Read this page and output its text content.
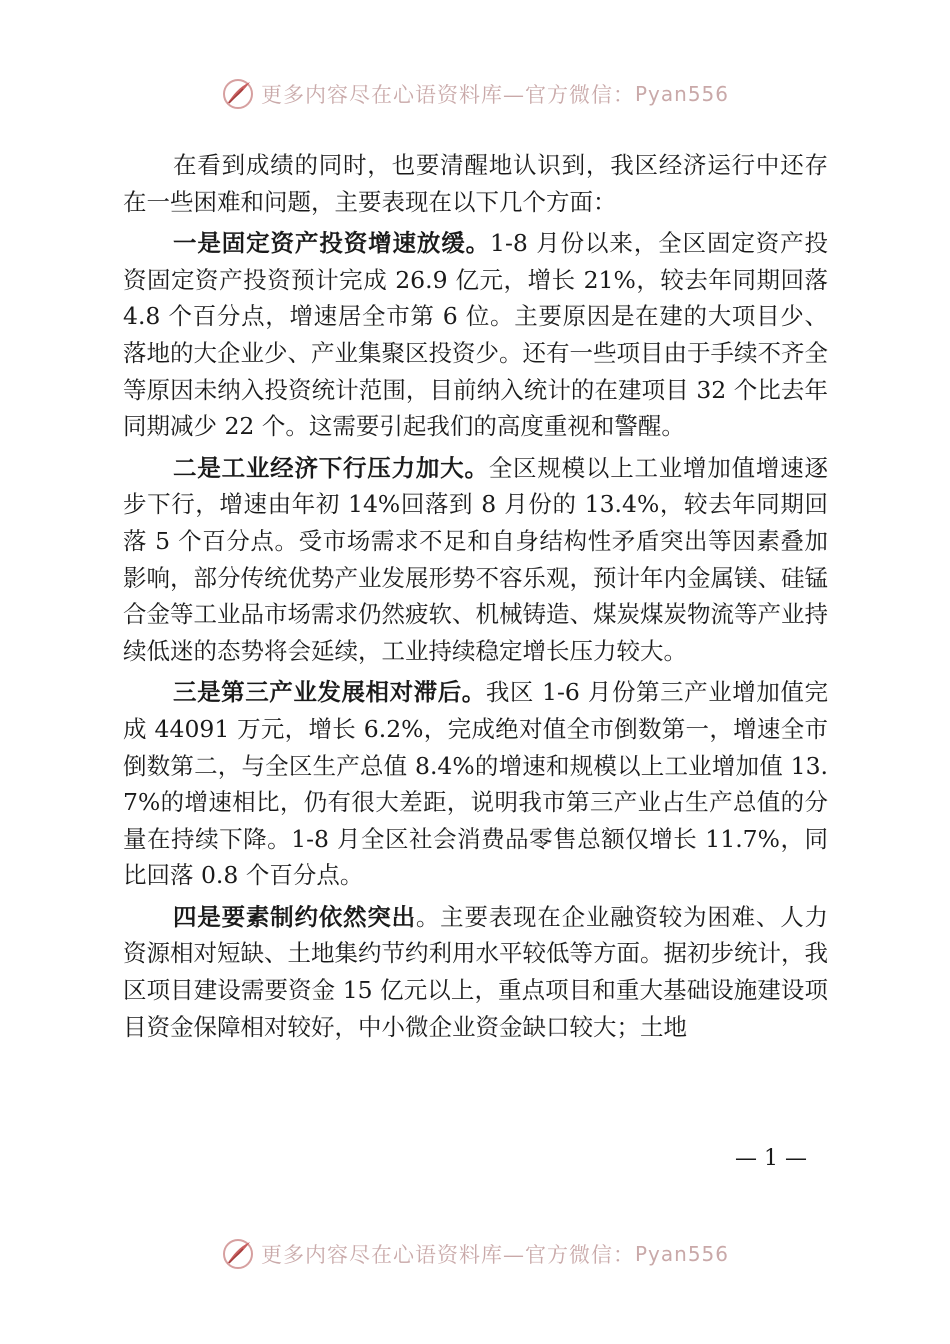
更多内容尽在心语资料库—官方微信： Pyan556

在看到成绩的同时，也要清醒地认识到，我区经济运行中还存在一些困难和问题，主要表现在以下几个方面：

一是固定资产投资增速放缓。1-8 月份以来，全区固定资产投资固定资产投资预计完成 26.9 亿元，增长 21%，较去年同期回落 4.8 个百分点，增速居全市第 6 位。主要原因是在建的大项目少、落地的大企业少、产业集聚区投资少。还有一些项目由于手续不齐全等原因未纳入投资统计范围，目前纳入统计的在建项目 32 个比去年同期减少 22 个。这需要引起我们的高度重视和警醒。

二是工业经济下行压力加大。全区规模以上工业增加值增速逐步下行，增速由年初 14%回落到 8 月份的 13.4%，较去年同期回落 5 个百分点。受市场需求不足和自身结构性矛盾突出等因素叠加影响，部分传统优势产业发展形势不容乐观，预计年内金属镁、硅锰合金等工业品市场需求仍然疲软、机械铸造、煤炭煤炭物流等产业持续低迷的态势将会延续，工业持续稳定增长压力较大。

三是第三产业发展相对滞后。我区 1-6 月份第三产业增加值完成 44091 万元，增长 6.2%，完成绝对值全市倒数第一，增速全市倒数第二，与全区生产总值 8.4%的增速和规模以上工业增加值 13.7%的增速相比，仍有很大差距，说明我市第三产业占生产总值的分量在持续下降。1-8 月全区社会消费品零售总额仅增长 11.7%，同比回落 0.8 个百分点。

四是要素制约依然突出。主要表现在企业融资较为困难、人力资源相对短缺、土地集约节约利用水平较低等方面。据初步统计，我区项目建设需要资金 15 亿元以上，重点项目和重大基础设施建设项目资金保障相对较好，中小微企业资金缺口较大；土地

— 1 —
更多内容尽在心语资料库—官方微信： Pyan556
